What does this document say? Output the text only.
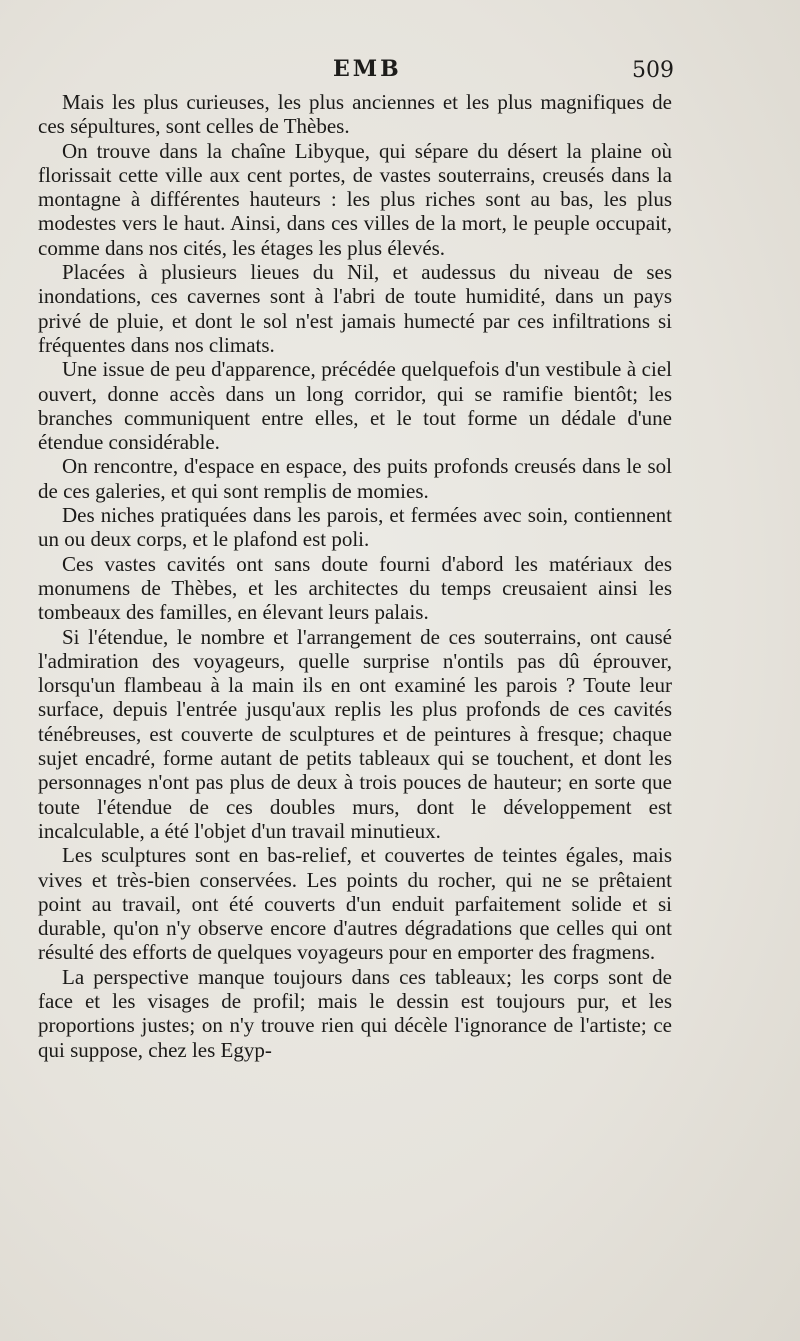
EMB	509

Mais les plus curieuses, les plus anciennes et les plus magnifiques de ces sépultures, sont celles de Thèbes.

On trouve dans la chaîne Libyque, qui sépare du désert la plaine où florissait cette ville aux cent portes, de vastes souterrains, creusés dans la montagne à différentes hauteurs : les plus riches sont au bas, les plus modestes vers le haut. Ainsi, dans ces villes de la mort, le peuple occupait, comme dans nos cités, les étages les plus élevés.

Placées à plusieurs lieues du Nil, et audessus du niveau de ses inondations, ces cavernes sont à l'abri de toute humidité, dans un pays privé de pluie, et dont le sol n'est jamais humecté par ces infiltrations si fréquentes dans nos climats.

Une issue de peu d'apparence, précédée quelquefois d'un vestibule à ciel ouvert, donne accès dans un long corridor, qui se ramifie bientôt; les branches communiquent entre elles, et le tout forme un dédale d'une étendue considérable.

On rencontre, d'espace en espace, des puits profonds creusés dans le sol de ces galeries, et qui sont remplis de momies.

Des niches pratiquées dans les parois, et fermées avec soin, contiennent un ou deux corps, et le plafond est poli.

Ces vastes cavités ont sans doute fourni d'abord les matériaux des monumens de Thèbes, et les architectes du temps creusaient ainsi les tombeaux des familles, en élevant leurs palais.

Si l'étendue, le nombre et l'arrangement de ces souterrains, ont causé l'admiration des voyageurs, quelle surprise n'ontils pas dû éprouver, lorsqu'un flambeau à la main ils en ont examiné les parois ? Toute leur surface, depuis l'entrée jusqu'aux replis les plus profonds de ces cavités ténébreuses, est couverte de sculptures et de peintures à fresque; chaque sujet encadré, forme autant de petits tableaux qui se touchent, et dont les personnages n'ont pas plus de deux à trois pouces de hauteur; en sorte que toute l'étendue de ces doubles murs, dont le développement est incalculable, a été l'objet d'un travail minutieux.

Les sculptures sont en bas-relief, et couvertes de teintes égales, mais vives et très-bien conservées. Les points du rocher, qui ne se prêtaient point au travail, ont été couverts d'un enduit parfaitement solide et si durable, qu'on n'y observe encore d'autres dégradations que celles qui ont résulté des efforts de quelques voyageurs pour en emporter des fragmens.

La perspective manque toujours dans ces tableaux; les corps sont de face et les visages de profil; mais le dessin est toujours pur, et les proportions justes; on n'y trouve rien qui décèle l'ignorance de l'artiste; ce qui suppose, chez les Egyp-
